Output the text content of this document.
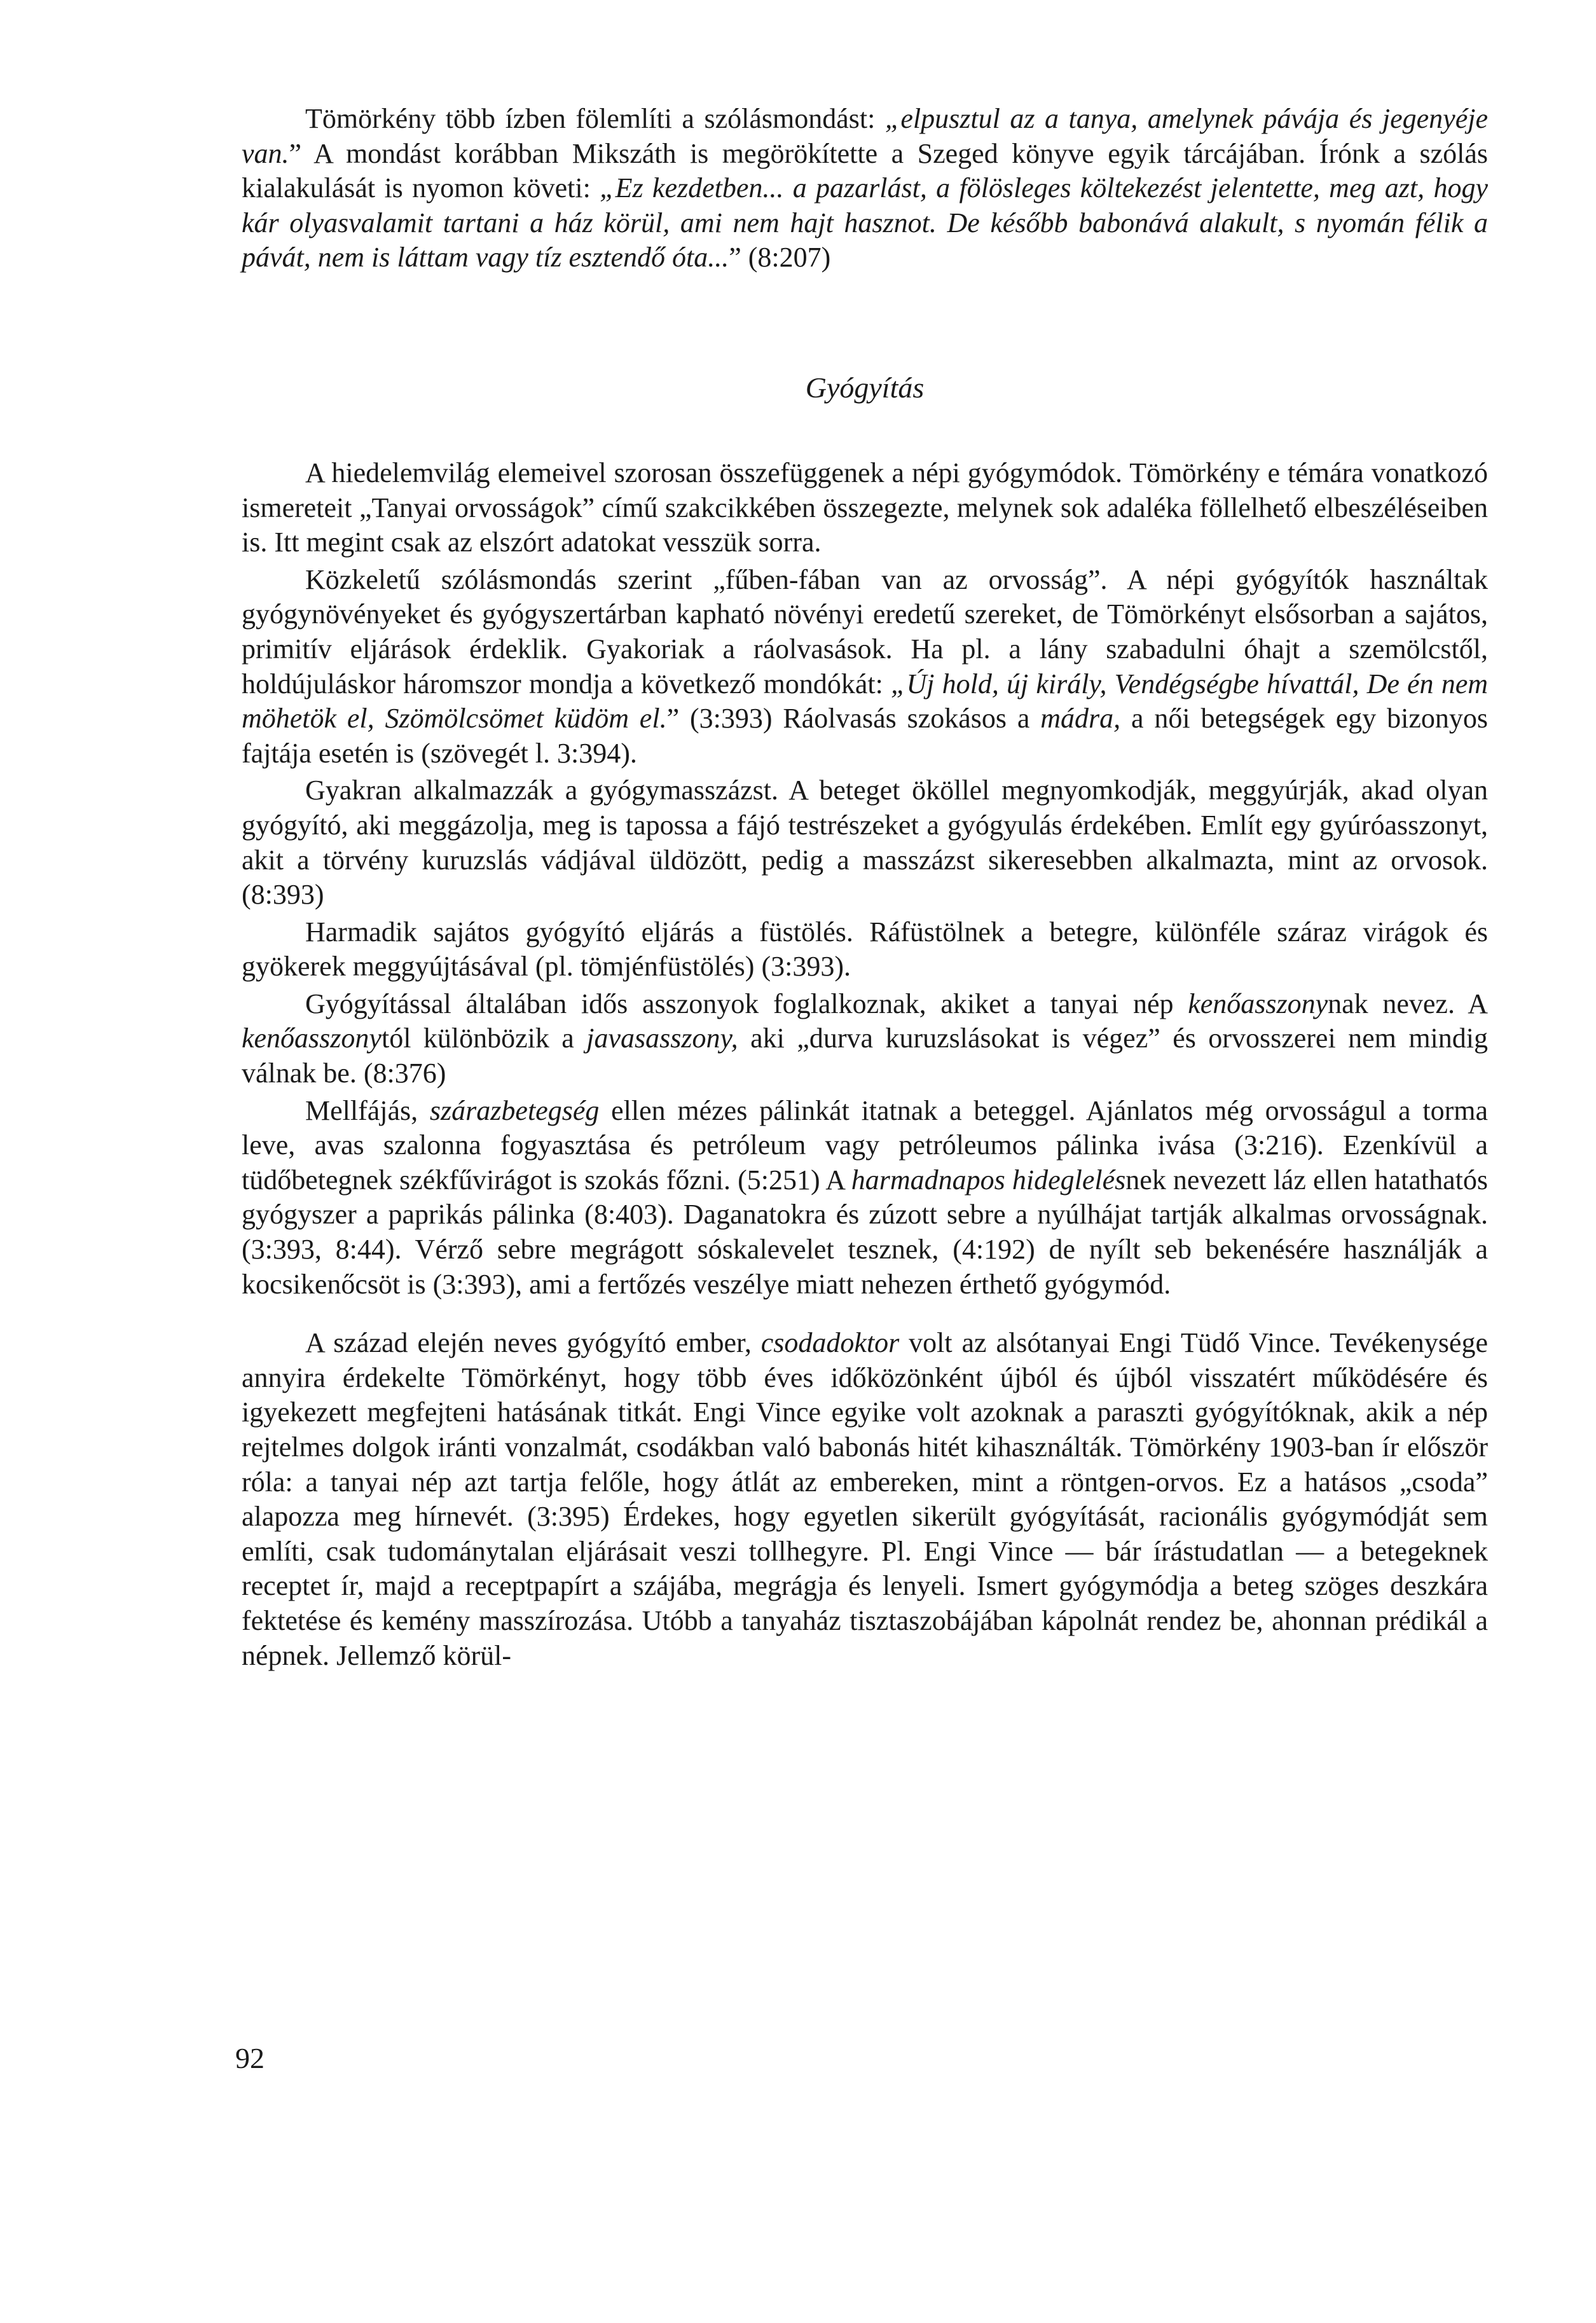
Tömörkény több ízben fölemlíti a szólásmondást: „elpusztul az a tanya, amelynek pávája és jegenyéje van.” A mondást korábban Mikszáth is megörökítette a Szeged könyve egyik tárcájában. Írónk a szólás kialakulását is nyomon követi: „Ez kezdetben... a pazarlást, a fölösleges költekezést jelentette, meg azt, hogy kár olyasvalamit tartani a ház körül, ami nem hajt hasznot. De később babonává alakult, s nyomán félik a pávát, nem is láttam vagy tíz esztendő óta...” (8:207)

Gyógyítás

A hiedelemvilág elemeivel szorosan összefüggenek a népi gyógymódok. Tömörkény e témára vonatkozó ismereteit „Tanyai orvosságok” című szakcikkében összegezte, melynek sok adaléka föllelhető elbeszéléseiben is. Itt megint csak az elszórt adatokat vesszük sorra.

Közkeletű szólásmondás szerint „fűben-fában van az orvosság”. A népi gyógyítók használtak gyógynövényeket és gyógyszertárban kapható növényi eredetű szereket, de Tömörkényt elsősorban a sajátos, primitív eljárások érdeklik. Gyakoriak a ráolvasások. Ha pl. a lány szabadulni óhajt a szemölcstől, holdújuláskor háromszor mondja a következő mondókát: „Új hold, új király, Vendégségbe hívattál, De én nem möhetök el, Szömölcsömet küdöm el.” (3:393) Ráolvasás szokásos a mádra, a női betegségek egy bizonyos fajtája esetén is (szövegét l. 3:394).

Gyakran alkalmazzák a gyógymasszázst. A beteget ököllel megnyomkodják, meggyúrják, akad olyan gyógyító, aki meggázolja, meg is tapossa a fájó testrészeket a gyógyulás érdekében. Említ egy gyúróasszonyt, akit a törvény kuruzslás vádjával üldözött, pedig a masszázst sikeresebben alkalmazta, mint az orvosok. (8:393)

Harmadik sajátos gyógyító eljárás a füstölés. Ráfüstölnek a betegre, különféle száraz virágok és gyökerek meggyújtásával (pl. tömjénfüstölés) (3:393).

Gyógyítással általában idős asszonyok foglalkoznak, akiket a tanyai nép kenőasszonynak nevez. A kenőasszonytól különbözik a javasasszony, aki „durva kuruzslásokat is végez” és orvosszerei nem mindig válnak be. (8:376)

Mellfájás, szárazbetegség ellen mézes pálinkát itatnak a beteggel. Ajánlatos még orvosságul a torma leve, avas szalonna fogyasztása és petróleum vagy petróleumos pálinka ivása (3:216). Ezenkívül a tüdőbetegnek székfűvirágot is szokás főzni. (5:251) A harmadnapos hideglelésnek nevezett láz ellen hatathatós gyógyszer a paprikás pálinka (8:403). Daganatokra és zúzott sebre a nyúlhájat tartják alkalmas orvosságnak. (3:393, 8:44). Vérző sebre megrágott sóskalevelet tesznek, (4:192) de nyílt seb bekenésére használják a kocsikenőcsöt is (3:393), ami a fertőzés veszélye miatt nehezen érthető gyógymód.

A század elején neves gyógyító ember, csodadoktor volt az alsótanyai Engi Tüdő Vince. Tevékenysége annyira érdekelte Tömörkényt, hogy több éves időközönként újból és újból visszatért működésére és igyekezett megfejteni hatásának titkát. Engi Vince egyike volt azoknak a paraszti gyógyítóknak, akik a nép rejtelmes dolgok iránti vonzalmát, csodákban való babonás hitét kihasználták. Tömörkény 1903-ban ír először róla: a tanyai nép azt tartja felőle, hogy átlát az embereken, mint a röntgen-orvos. Ez a hatásos „csoda” alapozza meg hírnevét. (3:395) Érdekes, hogy egyetlen sikerült gyógyítását, racionális gyógymódját sem említi, csak tudománytalan eljárásait veszi tollhegyre. Pl. Engi Vince — bár írástudatlan — a betegeknek receptet ír, majd a receptpapírt a szájába, megrágja és lenyeli. Ismert gyógymódja a beteg szöges deszkára fektetése és kemény masszírozása. Utóbb a tanyaház tisztaszobájában kápolnát rendez be, ahonnan prédikál a népnek. Jellemző körül-

92
